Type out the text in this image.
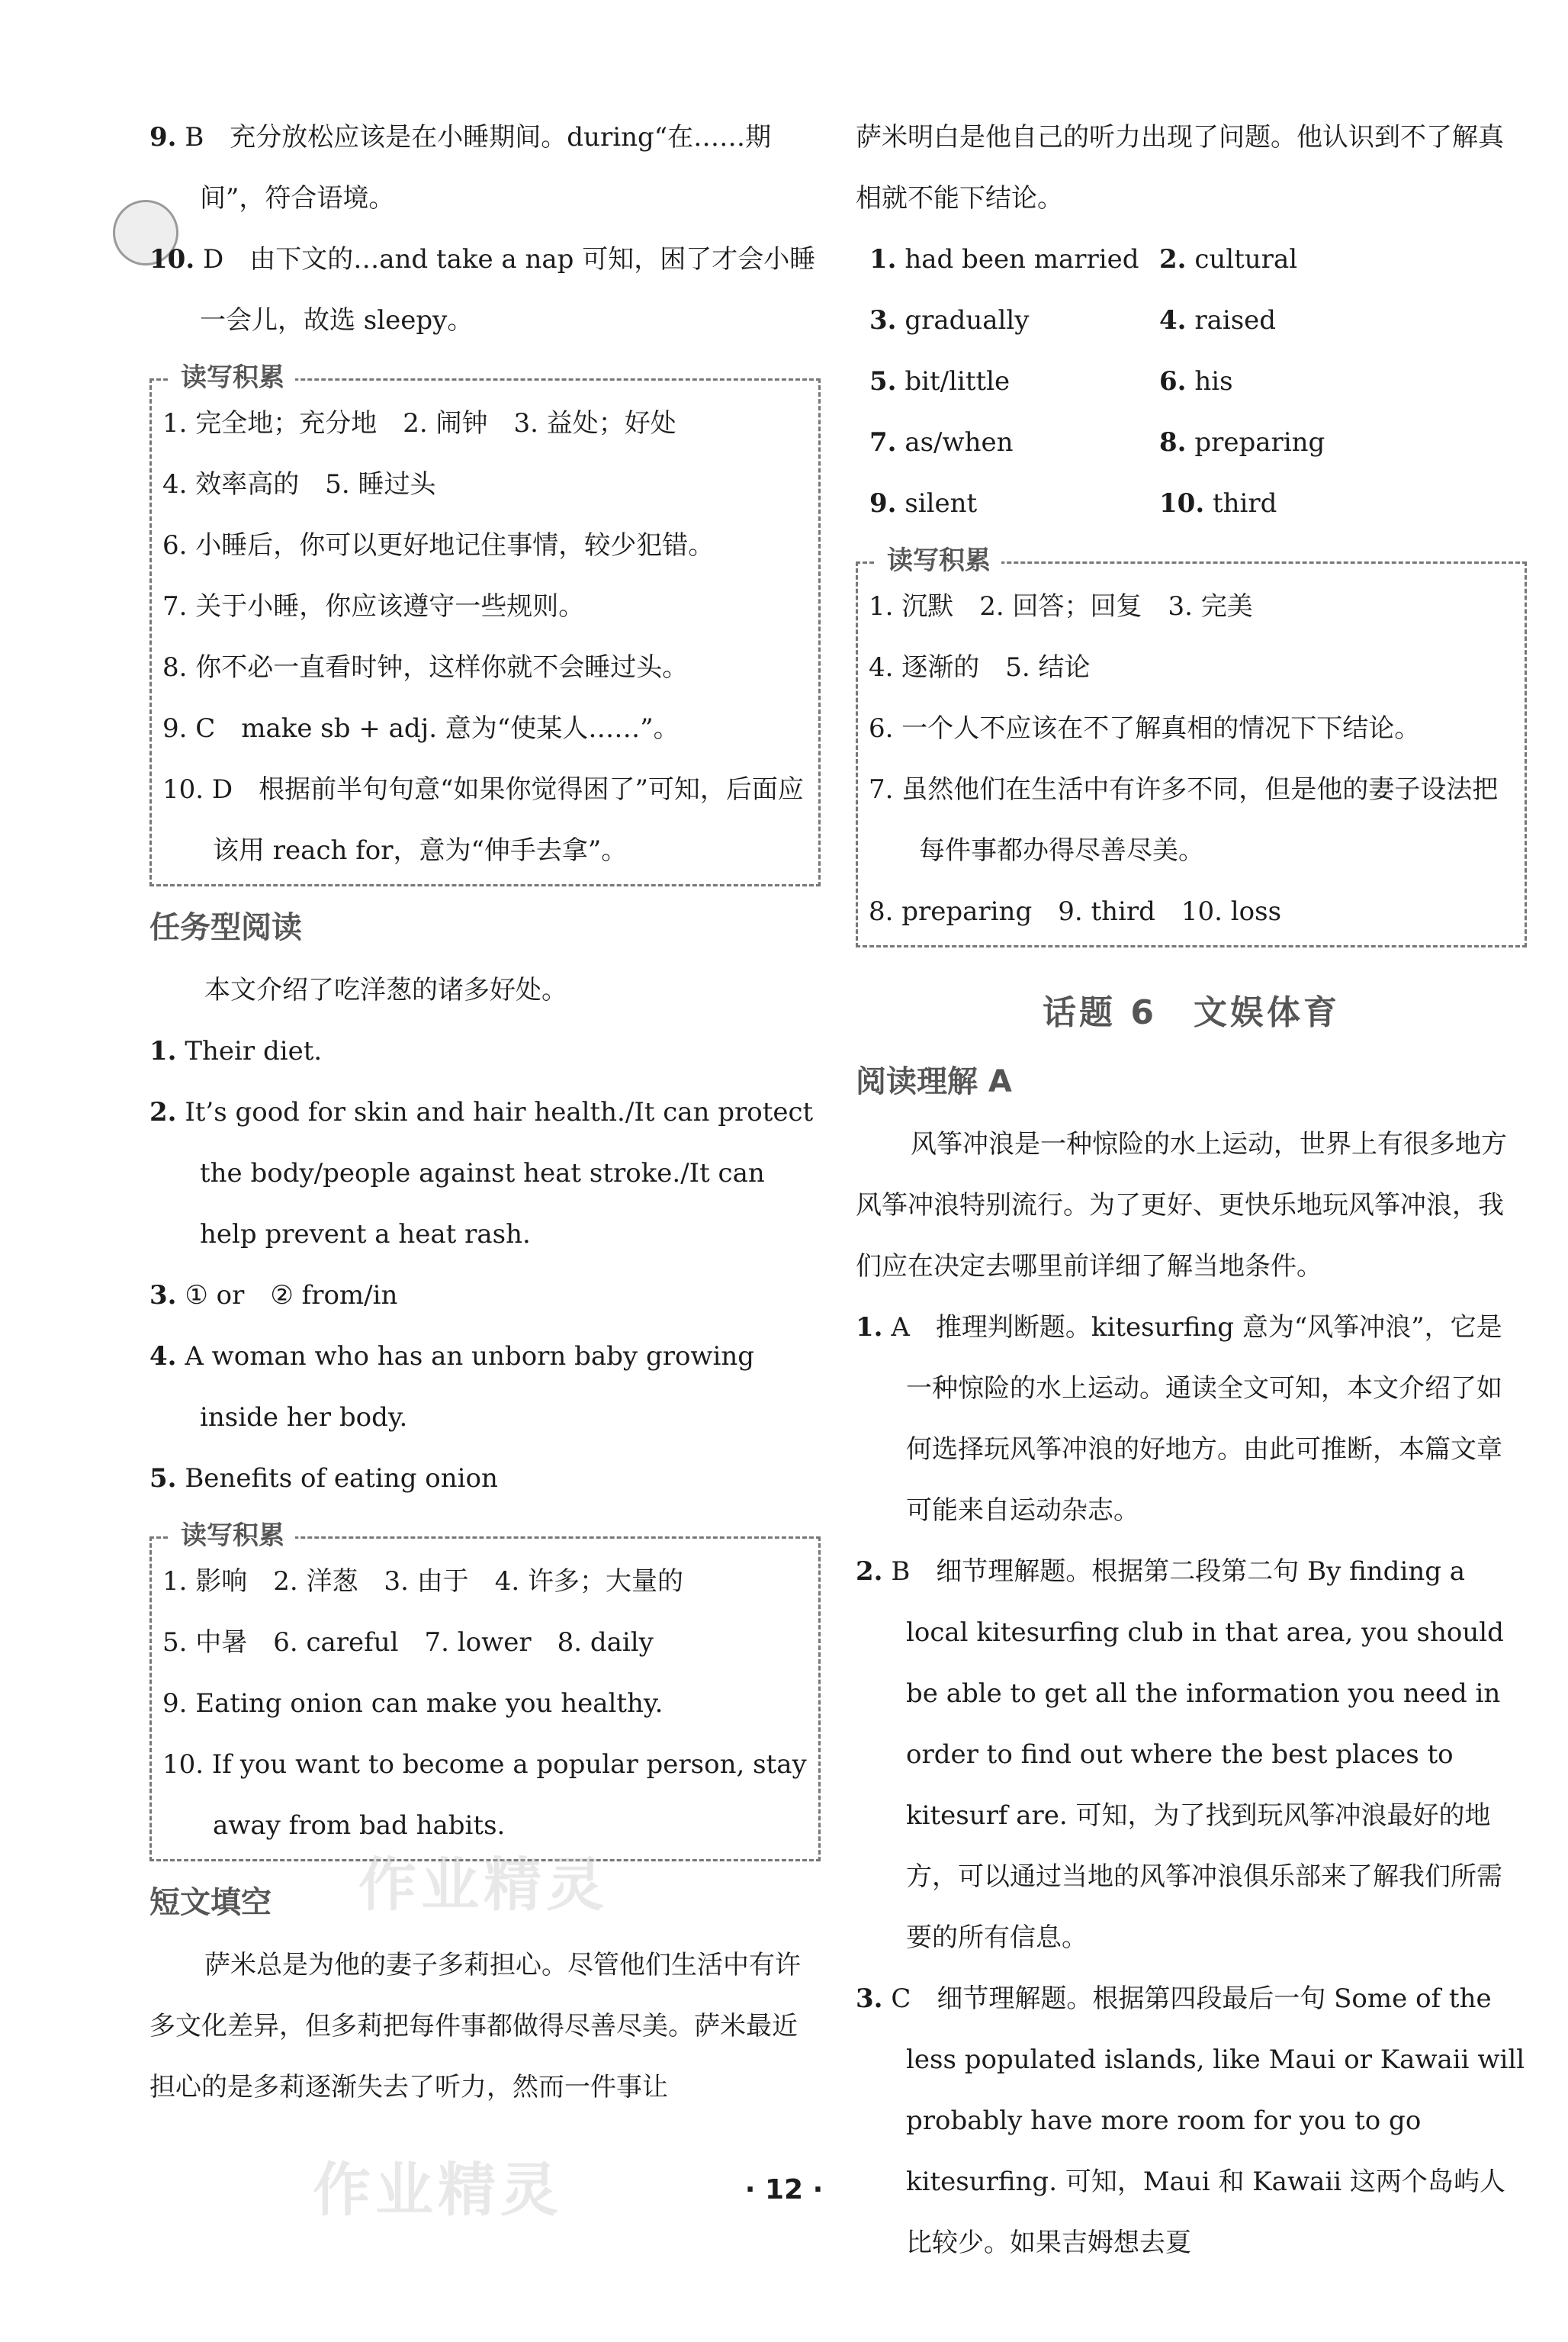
9. B　充分放松应该是在小睡期间。during“在……期间”，符合语境。

10. D　由下文的…and take a nap 可知，困了才会小睡一会儿，故选 sleepy。

读写积累

1. 完全地；充分地　2. 闹钟　3. 益处；好处

4. 效率高的　5. 睡过头

6. 小睡后，你可以更好地记住事情，较少犯错。

7. 关于小睡，你应该遵守一些规则。

8. 你不必一直看时钟，这样你就不会睡过头。

9. C　make sb + adj. 意为“使某人……”。

10. D　根据前半句句意“如果你觉得困了”可知，后面应该用 reach for，意为“伸手去拿”。

任务型阅读

本文介绍了吃洋葱的诸多好处。

1. Their diet.

2. It’s good for skin and hair health./It can protect the body/people against heat stroke./It can help prevent a heat rash.

3. ① or　② from/in

4. A woman who has an unborn baby growing inside her body.

5. Benefits of eating onion

读写积累

1. 影响　2. 洋葱　3. 由于　4. 许多；大量的

5. 中暑　6. careful　7. lower　8. daily

9. Eating onion can make you healthy.

10. If you want to become a popular person, stay away from bad habits.

短文填空

萨米总是为他的妻子多莉担心。尽管他们生活中有许多文化差异，但多莉把每件事都做得尽善尽美。萨米最近担心的是多莉逐渐失去了听力，然而一件事让

萨米明白是他自己的听力出现了问题。他认识到不了解真相就不能下结论。

1. had been married 2. cultural

3. gradually	4. raised

5. bit/little	6. his

7. as/when	8. preparing

9. silent	10. third

读写积累

1. 沉默　2. 回答；回复　3. 完美

4. 逐渐的　5. 结论

6. 一个人不应该在不了解真相的情况下下结论。

7. 虽然他们在生活中有许多不同，但是他的妻子设法把每件事都办得尽善尽美。

8. preparing　9. third　10. loss

话题 6　文娱体育
阅读理解 A

风筝冲浪是一种惊险的水上运动，世界上有很多地方风筝冲浪特别流行。为了更好、更快乐地玩风筝冲浪，我们应在决定去哪里前详细了解当地条件。

1. A　推理判断题。kitesurfing 意为“风筝冲浪”，它是一种惊险的水上运动。通读全文可知，本文介绍了如何选择玩风筝冲浪的好地方。由此可推断，本篇文章可能来自运动杂志。

2. B　细节理解题。根据第二段第二句 By finding a local kitesurfing club in that area, you should be able to get all the information you need in order to find out where the best places to kitesurf are. 可知，为了找到玩风筝冲浪最好的地方，可以通过当地的风筝冲浪俱乐部来了解我们所需要的所有信息。

3. C　细节理解题。根据第四段最后一句 Some of the less populated islands, like Maui or Kawaii will probably have more room for you to go kitesurfing. 可知，Maui 和 Kawaii 这两个岛屿人比较少。如果吉姆想去夏

作业精灵
作业精灵	· 12 ·
